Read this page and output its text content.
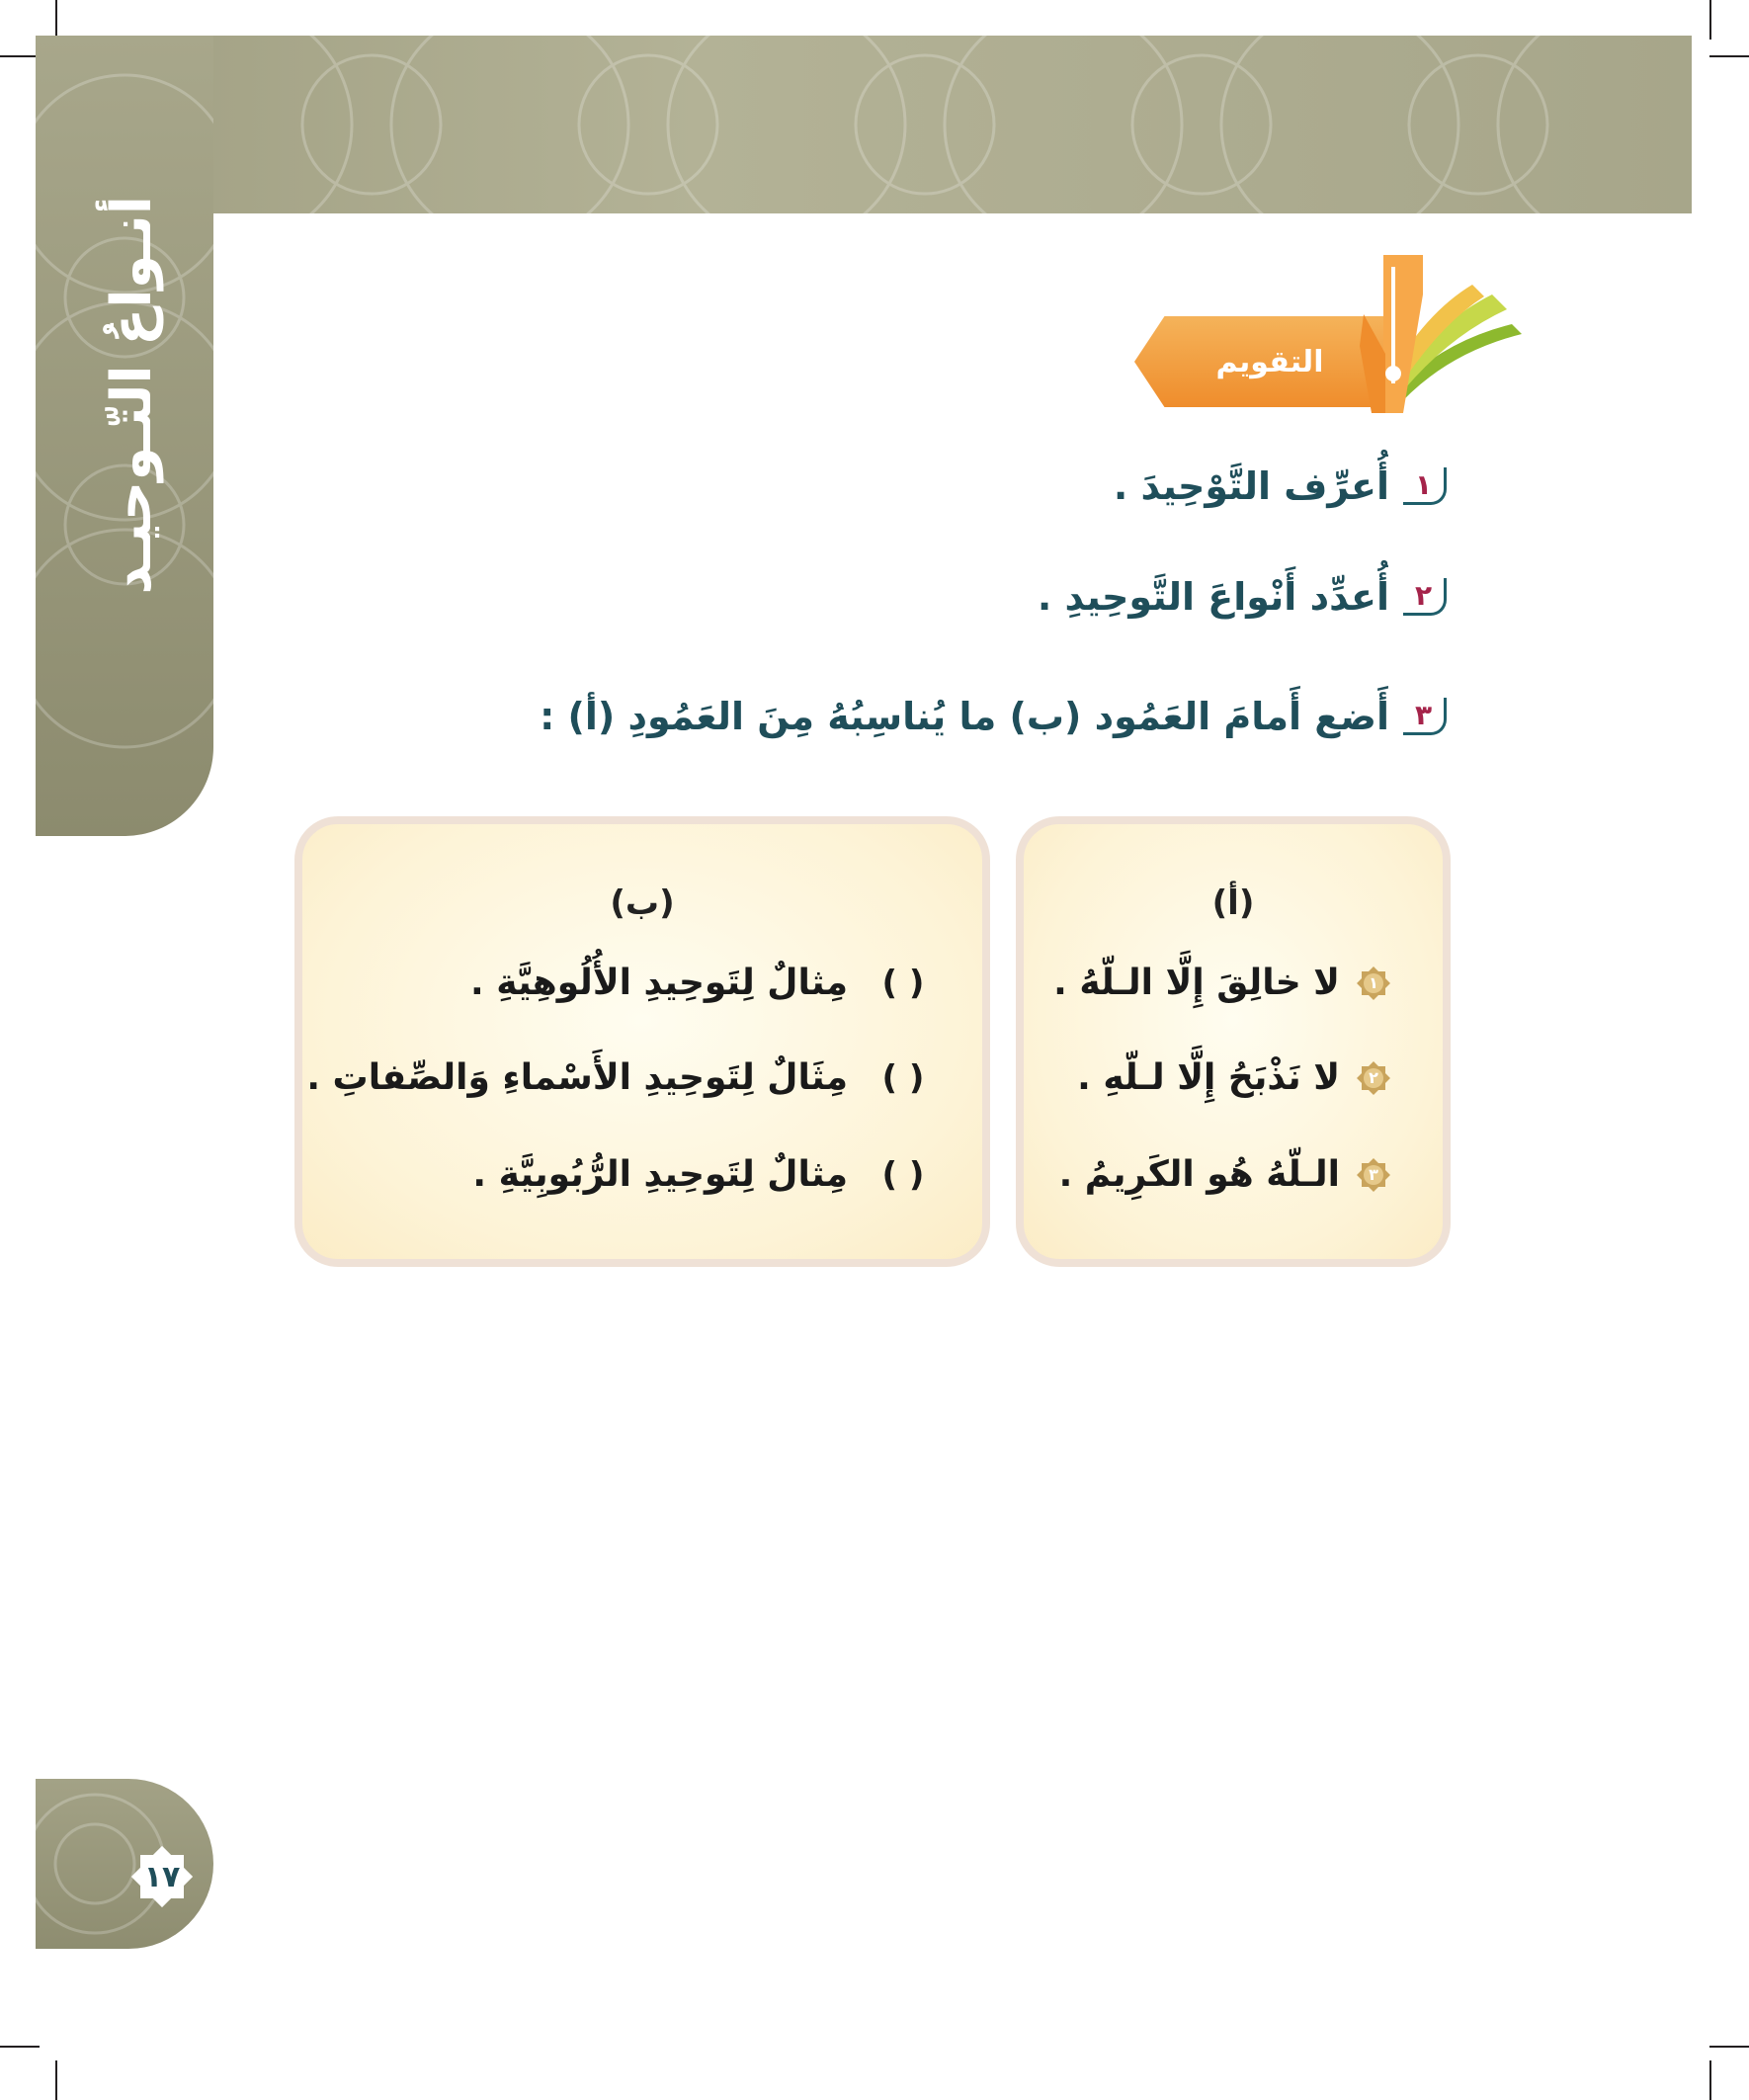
أنـواعُ التّـوحيـد	التقويم
١
أُعرِّف التَّوْحِيدَ .
٢
أُعدِّد أَنْواعَ التَّوحِيدِ .
٣
أَضع أَمامَ العَمُود (ب) ما يُناسِبُهُ مِنَ العَمُودِ (أ) :
(أ)
١
لا خالِقَ إِلَّا الـلّهُ .
٢
لا نَذْبَحُ إِلَّا لـلّهِ .
٣
الـلّهُ هُو الكَرِيمُ .
(ب)
( )
مِثالٌ لِتَوحِيدِ الأُلُوهِيَّةِ .
( )
مِثَالٌ لِتَوحِيدِ الأَسْماءِ وَالصِّفاتِ .
( )
مِثالٌ لِتَوحِيدِ الرُّبُوبِيَّةِ .
١٧
